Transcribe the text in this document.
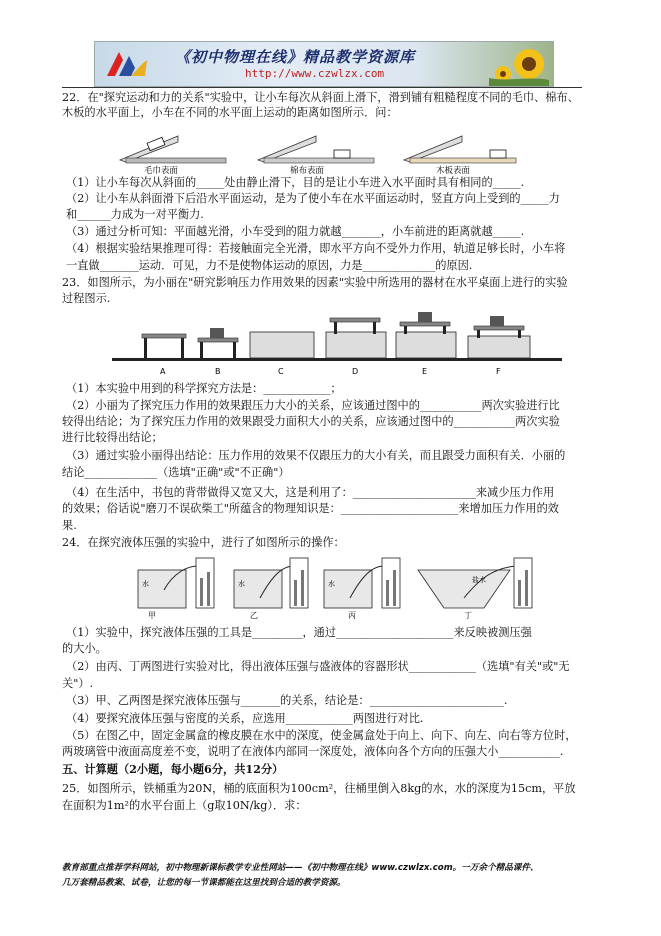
《初中物理在线》精品教学资源库
http://www.czwlzx.com
22．在"探究运动和力的关系"实验中，让小车每次从斜面上滑下，滑到铺有粗糙程度不同的毛巾、棉布、
木板的水平面上，小车在不同的水平面上运动的距离如图所示．问：
毛巾表面	棉布表面	木板表面
（1）让小车每次从斜面的_____处由静止滑下，目的是让小车进入水平面时具有相同的_____.
（2）让小车从斜面滑下后沿水平面运动，是为了使小车在水平面运动时，竖直方向上受到的_____力
和______力成为一对平衡力.
（3）通过分析可知：平面越光滑，小车受到的阻力就越_______，小车前进的距离就越_____.
（4）根据实验结果推理可得：若接触面完全光滑，即水平方向不受外力作用，轨道足够长时，小车将
一直做_______运动．可见，力不是使物体运动的原因，力是_____________的原因.
23．如图所示，为小丽在"研究影响压力作用效果的因素"实验中所选用的器材在水平桌面上进行的实验
过程图示.
A	B	C	D	E	F
（1）本实验中用到的科学探究方法是：____________；
（2）小丽为了探究压力作用的效果跟压力大小的关系，应该通过图中的___________两次实验进行比
较得出结论；为了探究压力作用的效果跟受力面积大小的关系，应该通过图中的___________两次实验
进行比较得出结论；
（3）通过实验小丽得出结论：压力作用的效果不仅跟压力的大小有关，而且跟受力面积有关．小丽的
结论_____________（选填"正确"或"不正确"）
（4）在生活中，书包的背带做得又宽又大，这是利用了：______________________来减少压力作用
的效果；俗话说"磨刀不误砍柴工"所蕴含的物理知识是：_____________________来增加压力作用的效
果.
24．在探究液体压强的实验中，进行了如图所示的操作：
水	水	水	盐水
甲	乙	丙	丁
（1）实验中，探究液体压强的工具是_________，通过_____________________来反映被测压强
的大小。
（2）由丙、丁两图进行实验对比，得出液体压强与盛液体的容器形状____________（选填"有关"或"无
关"）.
（3）甲、乙两图是探究液体压强与_______的关系，结论是：________________________.
（4）要探究液体压强与密度的关系，应选用____________两图进行对比.
（5）在图乙中，固定金属盒的橡皮膜在水中的深度，使金属盒处于向上、向下、向左、向右等方位时，
两玻璃管中液面高度差不变，说明了在液体内部同一深度处，液体向各个方向的压强大小___________.
五、计算题（2小题，每小题6分，共12分）
25．如图所示，铁桶重为20N，桶的底面积为100cm²，往桶里倒入8kg的水，水的深度为15cm，平放
在面积为1m²的水平台面上（g取10N/kg）．求：
教育部重点推荐学科网站，初中物理新课标教学专业性网站——《初中物理在线》www.czwlzx.com。一万余个精品课件、
几万套精品教案、试卷，让您的每一节课都能在这里找到合适的教学资源。
